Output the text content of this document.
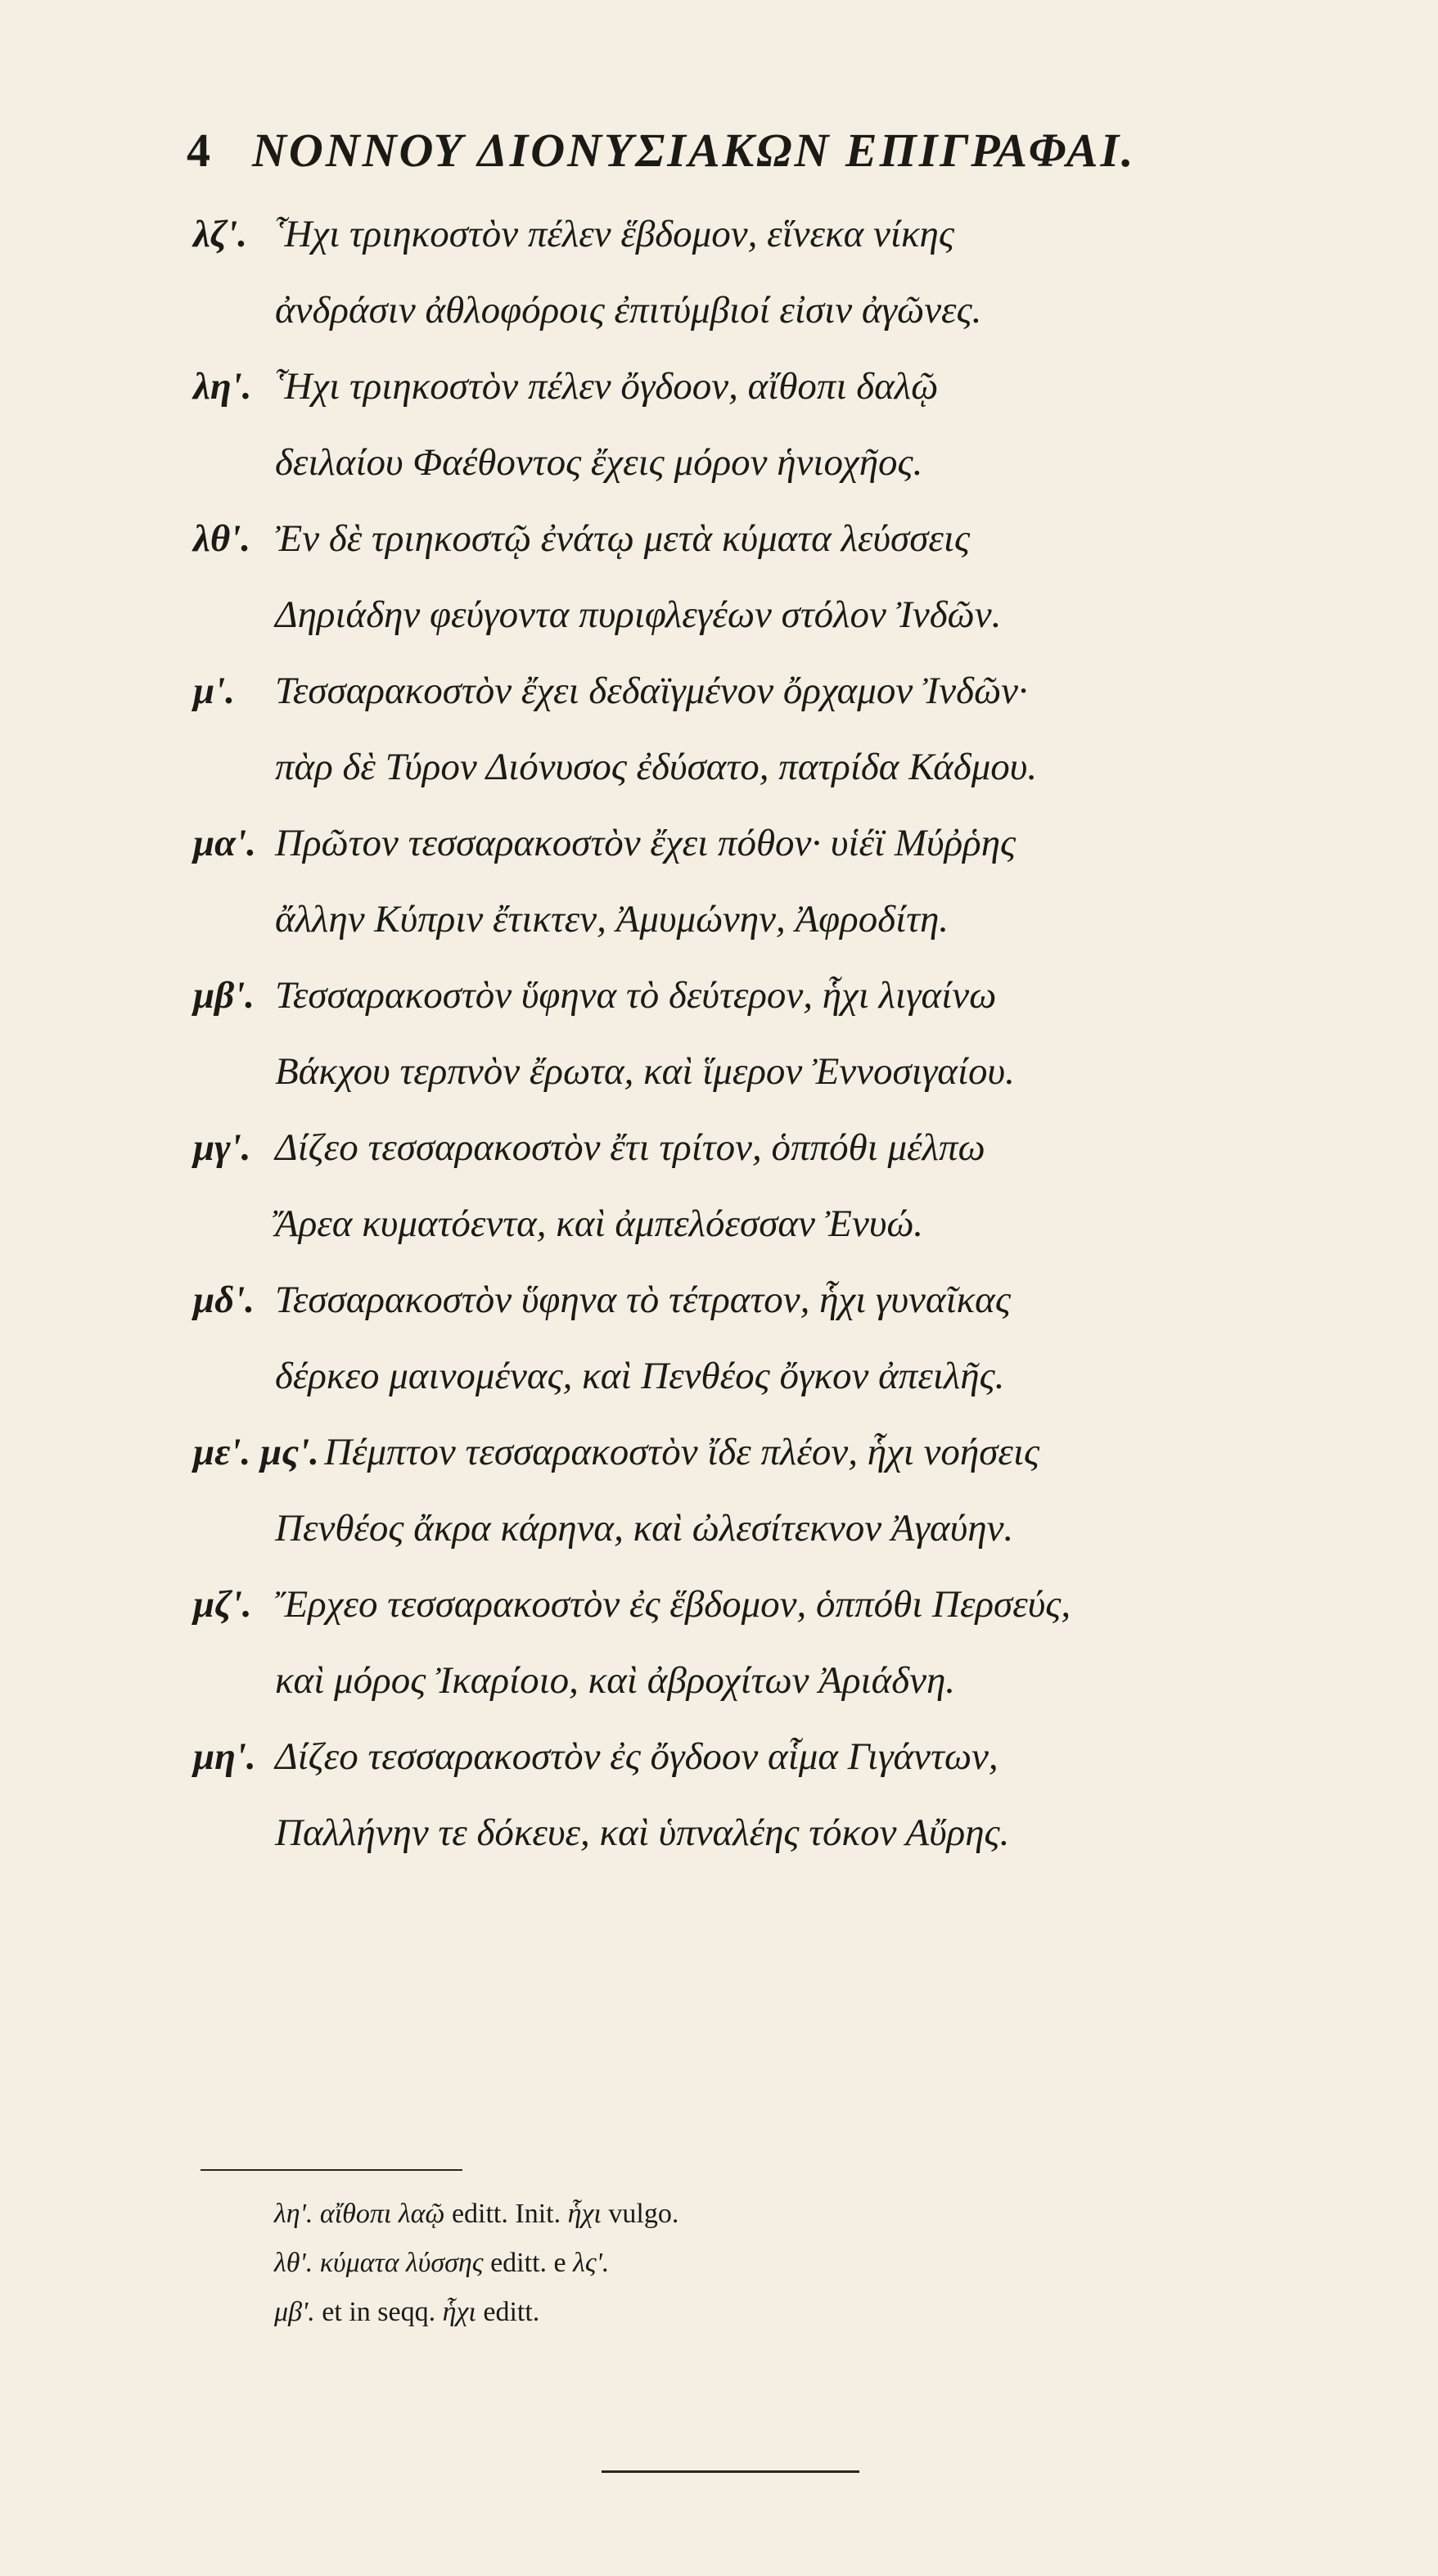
4 ΝΟΝΝΟΥ ΔΙΟΝΥΣΙΑΚΩΝ ΕΠΙΓΡΑΦΑΙ.
λζ'. Ἧχι τριηκοστὸν πέλεν ἕβδομον, εἵνεκα νίκης
ἀνδράσιν ἀθλοφόροις ἐπιτύμβιοί εἰσιν ἀγῶνες.
λη'. Ἧχι τριηκοστὸν πέλεν ὄγδοον, αἴθοπι δαλῷ
δειλαίου Φαέθοντος ἔχεις μόρον ἡνιοχῆος.
λθ'. Ἐν δὲ τριηκοστῷ ἐνάτῳ μετὰ κύματα λεύσσεις
Δηριάδην φεύγοντα πυριφλεγέων στόλον Ἰνδῶν.
μ'. Τεσσαρακοστὸν ἔχει δεδαϊγμένον ὄρχαμον Ἰνδῶν·
πὰρ δὲ Τύρον Διόνυσος ἐδύσατο, πατρίδα Κάδμου.
μα'. Πρῶτον τεσσαρακοστὸν ἔχει πόθον· υἱέϊ Μύῤῥης
ἄλλην Κύπριν ἔτικτεν, Ἀμυμώνην, Ἀφροδίτη.
μβ'. Τεσσαρακοστὸν ὕφηνα τὸ δεύτερον, ἧχι λιγαίνω
Βάκχου τερπνὸν ἔρωτα, καὶ ἵμερον Ἐννοσιγαίου.
μγ'. Δίζεο τεσσαρακοστὸν ἔτι τρίτον, ὁππόθι μέλπω
Ἄρεα κυματόεντα, καὶ ἀμπελόεσσαν Ἐνυώ.
μδ'. Τεσσαρακοστὸν ὕφηνα τὸ τέτρατον, ἧχι γυναῖκας
δέρκεο μαινομένας, καὶ Πενθέος ὄγκον ἀπειλῆς.
με'. μς'. Πέμπτον τεσσαρακοστὸν ἴδε πλέον, ἧχι νοήσεις
Πενθέος ἄκρα κάρηνα, καὶ ὠλεσίτεκνον Ἀγαύην.
μζ'. Ἔρχεο τεσσαρακοστὸν ἐς ἕβδομον, ὁππόθι Περσεύς,
καὶ μόρος Ἰκαρίοιο, καὶ ἀβροχίτων Ἀριάδνη.
μη'. Δίζεο τεσσαρακοστὸν ἐς ὄγδοον αἷμα Γιγάντων,
Παλλήνην τε δόκευε, καὶ ὑπναλέης τόκον Αὔρης.
λη'. αἴθοπι λαῷ editt. Init. ἧχι vulgo.
λθ'. κύματα λύσσης editt. e λς'.
μβ'. et in seqq. ἧχι editt.
